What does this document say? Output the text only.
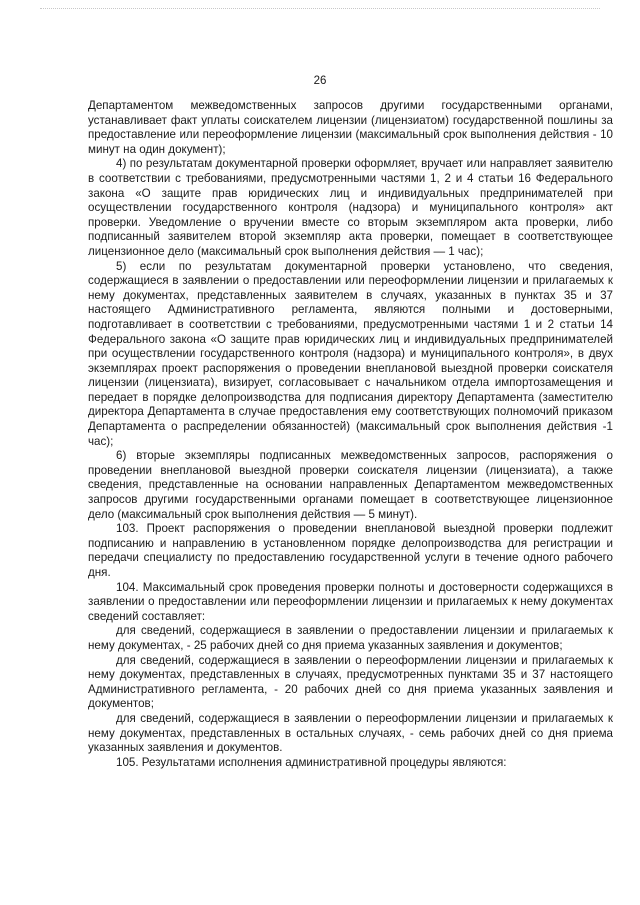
26

Департаментом межведомственных запросов другими государственными органами, устанавливает факт уплаты соискателем лицензии (лицензиатом) государственной пошлины за предоставление или переоформление лицензии (максимальный срок выполнения действия - 10 минут на один документ);

4) по результатам документарной проверки оформляет, вручает или направляет заявителю в соответствии с требованиями, предусмотренными частями 1, 2 и 4 статьи 16 Федерального закона «О защите прав юридических лиц и индивидуальных предпринимателей при осуществлении государственного контроля (надзора) и муниципального контроля» акт проверки. Уведомление о вручении вместе со вторым экземпляром акта проверки, либо подписанный заявителем второй экземпляр акта проверки, помещает в соответствующее лицензионное дело (максимальный срок выполнения действия — 1 час);

5) если по результатам документарной проверки установлено, что сведения, содержащиеся в заявлении о предоставлении или переоформлении лицензии и прилагаемых к нему документах, представленных заявителем в случаях, указанных в пунктах 35 и 37 настоящего Административного регламента, являются полными и достоверными, подготавливает в соответствии с требованиями, предусмотренными частями 1 и 2 статьи 14 Федерального закона «О защите прав юридических лиц и индивидуальных предпринимателей при осуществлении государственного контроля (надзора) и муниципального контроля», в двух экземплярах проект распоряжения о проведении внеплановой выездной проверки соискателя лицензии (лицензиата), визирует, согласовывает с начальником отдела импортозамещения и передает в порядке делопроизводства для подписания директору Департамента (заместителю директора Департамента в случае предоставления ему соответствующих полномочий приказом Департамента о распределении обязанностей) (максимальный срок выполнения действия -1 час);

6) вторые экземпляры подписанных межведомственных запросов, распоряжения о проведении внеплановой выездной проверки соискателя лицензии (лицензиата), а также сведения, представленные на основании направленных Департаментом межведомственных запросов другими государственными органами помещает в соответствующее лицензионное дело (максимальный срок выполнения действия — 5 минут).

103. Проект распоряжения о проведении внеплановой выездной проверки подлежит подписанию и направлению в установленном порядке делопроизводства для регистрации и передачи специалисту по предоставлению государственной услуги в течение одного рабочего дня.

104. Максимальный срок проведения проверки полноты и достоверности содержащихся в заявлении о предоставлении или переоформлении лицензии и прилагаемых к нему документах сведений составляет:

для сведений, содержащиеся в заявлении о предоставлении лицензии и прилагаемых к нему документах, - 25 рабочих дней со дня приема указанных заявления и документов;

для сведений, содержащиеся в заявлении о переоформлении лицензии и прилагаемых к нему документах, представленных в случаях, предусмотренных пунктами 35 и 37 настоящего Административного регламента, - 20 рабочих дней со дня приема указанных заявления и документов;

для сведений, содержащиеся в заявлении о переоформлении лицензии и прилагаемых к нему документах, представленных в остальных случаях, - семь рабочих дней со дня приема указанных заявления и документов.

105. Результатами исполнения административной процедуры являются:
